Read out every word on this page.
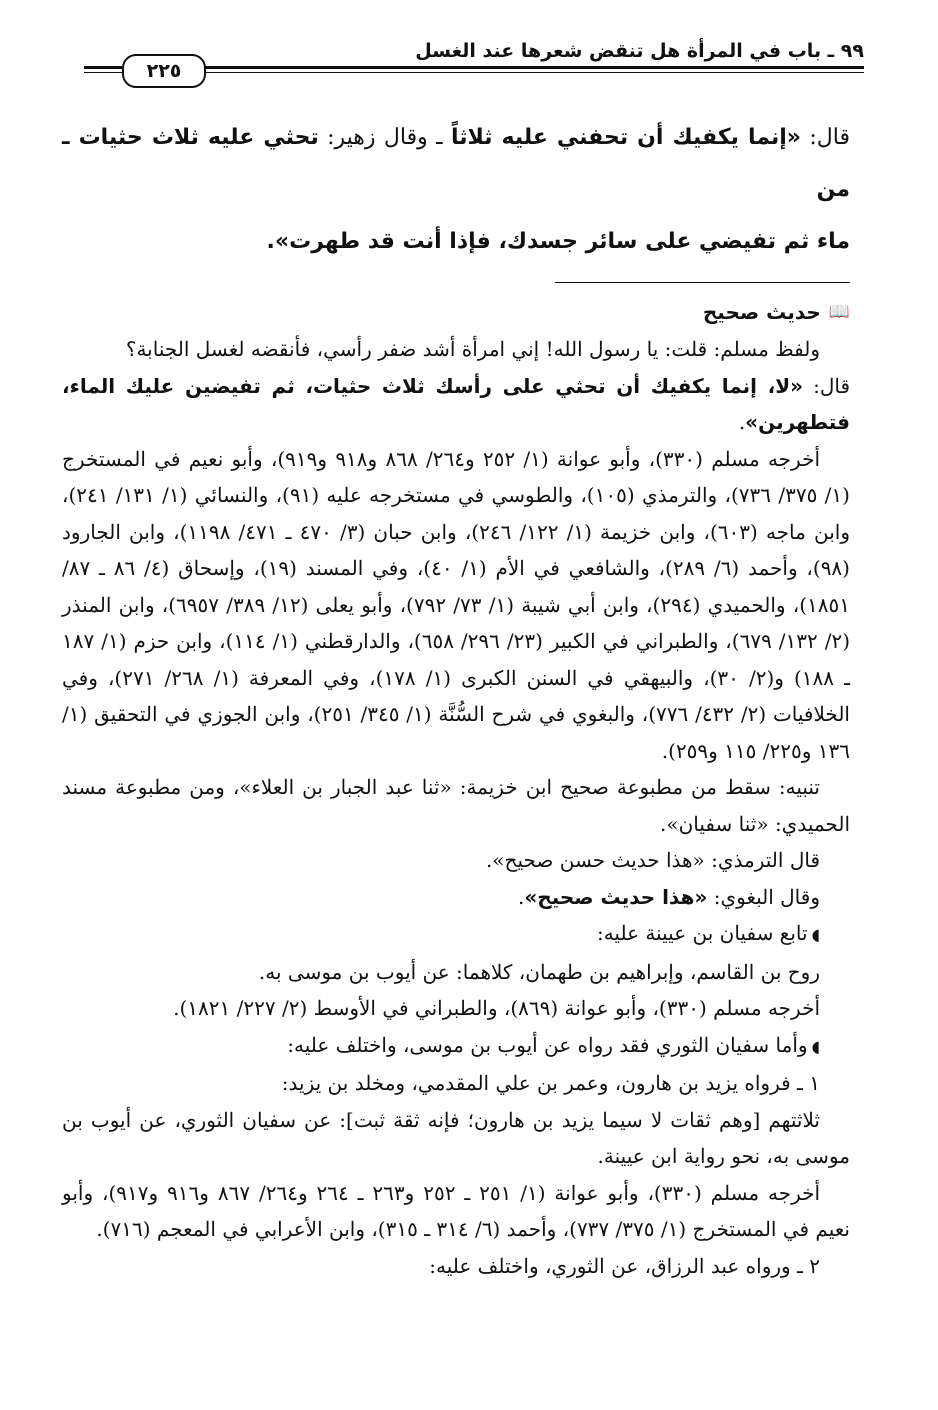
٩٩ ـ باب في المرأة هل تنقض شعرها عند الغسل
٢٢٥

قال: «إنما يكفيك أن تحفني عليه ثلاثاً ـ وقال زهير: تحثي عليه ثلاث حثيات ـ من

ماء ثم تفيضي على سائر جسدك، فإذا أنت قد طهرت».

📖
حديث صحيح

ولفظ مسلم: قلت: يا رسول الله! إني امرأة أشد ضفر رأسي، فأنقضه لغسل الجنابة؟

قال: «لا، إنما يكفيك أن تحثي على رأسك ثلاث حثيات، ثم تفيضين عليك الماء، فتطهرين».

أخرجه مسلم (٣٣٠)، وأبو عوانة (١/ ٢٥٢ و٢٦٤/ ٨٦٨ و٩١٨ و٩١٩)، وأبو نعيم في المستخرج (١/ ٣٧٥/ ٧٣٦)، والترمذي (١٠٥)، والطوسي في مستخرجه عليه (٩١)، والنسائي (١/ ١٣١/ ٢٤١)، وابن ماجه (٦٠٣)، وابن خزيمة (١/ ١٢٢/ ٢٤٦)، وابن حبان (٣/ ٤٧٠ ـ ٤٧١/ ١١٩٨)، وابن الجارود (٩٨)، وأحمد (٦/ ٢٨٩)، والشافعي في الأم (١/ ٤٠)، وفي المسند (١٩)، وإسحاق (٤/ ٨٦ ـ ٨٧/ ١٨٥١)، والحميدي (٢٩٤)، وابن أبي شيبة (١/ ٧٣/ ٧٩٢)، وأبو يعلى (١٢/ ٣٨٩/ ٦٩٥٧)، وابن المنذر (٢/ ١٣٢/ ٦٧٩)، والطبراني في الكبير (٢٣/ ٢٩٦/ ٦٥٨)، والدارقطني (١/ ١١٤)، وابن حزم (١/ ١٨٧ ـ ١٨٨) و(٢/ ٣٠)، والبيهقي في السنن الكبرى (١/ ١٧٨)، وفي المعرفة (١/ ٢٦٨/ ٢٧١)، وفي الخلافيات (٢/ ٤٣٢/ ٧٧٦)، والبغوي في شرح السُّنَّة (١/ ٣٤٥/ ٢٥١)، وابن الجوزي في التحقيق (١/ ١٣٦ و٢٢٥/ ١١٥ و٢٥٩).

تنبيه: سقط من مطبوعة صحيح ابن خزيمة: «ثنا عبد الجبار بن العلاء»، ومن مطبوعة مسند الحميدي: «ثنا سفيان».

قال الترمذي: «هذا حديث حسن صحيح».

وقال البغوي: «هذا حديث صحيح».

◖تابع سفيان بن عيينة عليه:

روح بن القاسم، وإبراهيم بن طهمان، كلاهما: عن أيوب بن موسى به.

أخرجه مسلم (٣٣٠)، وأبو عوانة (٨٦٩)، والطبراني في الأوسط (٢/ ٢٢٧/ ١٨٢١).

◖وأما سفيان الثوري فقد رواه عن أيوب بن موسى، واختلف عليه:

١ ـ فرواه يزيد بن هارون، وعمر بن علي المقدمي، ومخلد بن يزيد:

ثلاثتهم [وهم ثقات لا سيما يزيد بن هارون؛ فإنه ثقة ثبت]: عن سفيان الثوري، عن أيوب بن موسى به، نحو رواية ابن عيينة.

أخرجه مسلم (٣٣٠)، وأبو عوانة (١/ ٢٥١ ـ ٢٥٢ و٢٦٣ ـ ٢٦٤ و٢٦٤/ ٨٦٧ و٩١٦ و٩١٧)، وأبو نعيم في المستخرج (١/ ٣٧٥/ ٧٣٧)، وأحمد (٦/ ٣١٤ ـ ٣١٥)، وابن الأعرابي في المعجم (٧١٦).

٢ ـ ورواه عبد الرزاق، عن الثوري، واختلف عليه:
